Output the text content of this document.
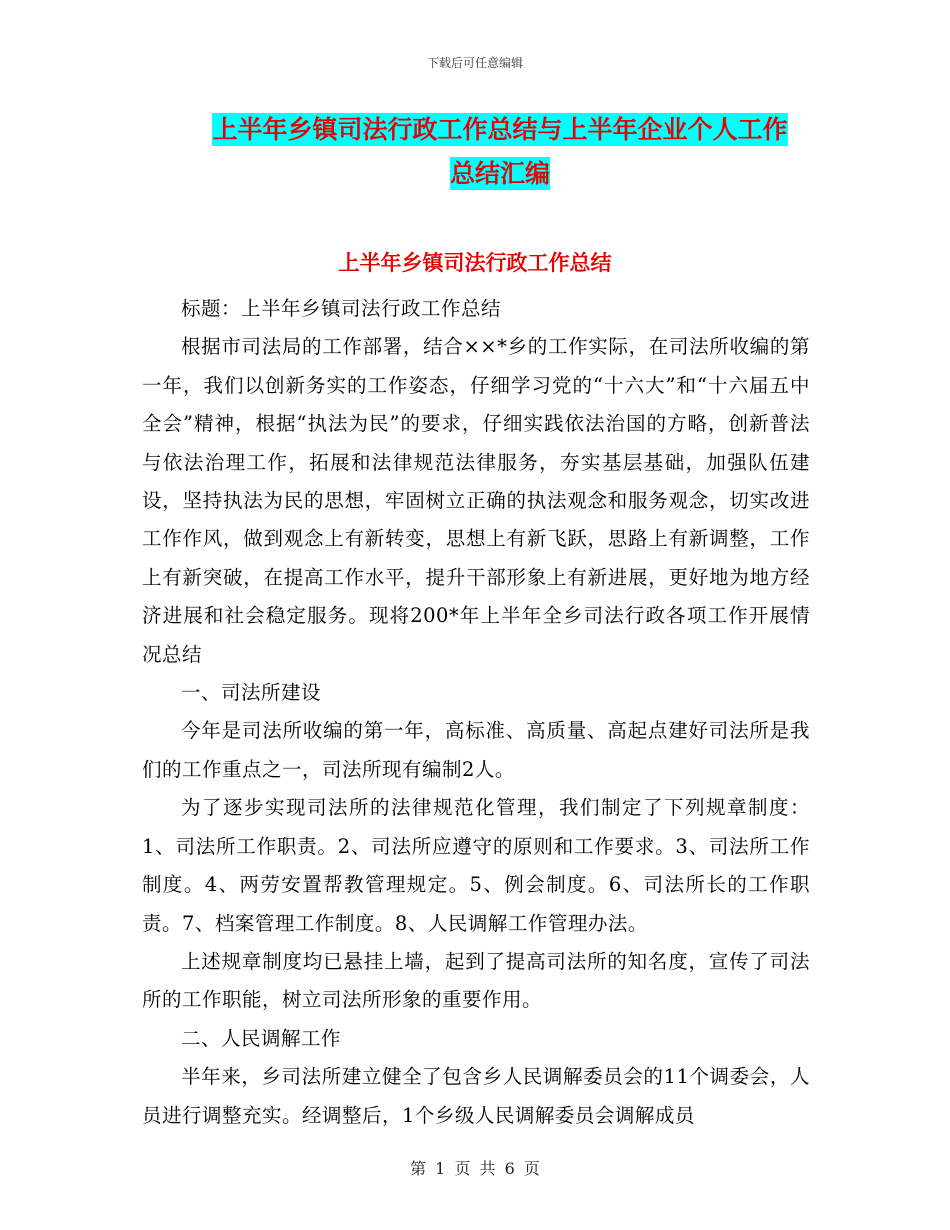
下载后可任意编辑
上半年乡镇司法行政工作总结与上半年企业个人工作
总结汇编
上半年乡镇司法行政工作总结

标题：上半年乡镇司法行政工作总结

根据市司法局的工作部署，结合××*乡的工作实际，在司法所收编的第一年，我们以创新务实的工作姿态，仔细学习党的“十六大”和“十六届五中全会”精神，根据“执法为民”的要求，仔细实践依法治国的方略，创新普法与依法治理工作，拓展和法律规范法律服务，夯实基层基础，加强队伍建设，坚持执法为民的思想，牢固树立正确的执法观念和服务观念，切实改进工作作风，做到观念上有新转变，思想上有新飞跃，思路上有新调整，工作上有新突破，在提高工作水平，提升干部形象上有新进展，更好地为地方经济进展和社会稳定服务。现将200*年上半年全乡司法行政各项工作开展情况总结

一、司法所建设

今年是司法所收编的第一年，高标准、高质量、高起点建好司法所是我们的工作重点之一，司法所现有编制2人。

为了逐步实现司法所的法律规范化管理，我们制定了下列规章制度：1、司法所工作职责。2、司法所应遵守的原则和工作要求。3、司法所工作制度。4、两劳安置帮教管理规定。5、例会制度。6、司法所长的工作职责。7、档案管理工作制度。8、人民调解工作管理办法。

上述规章制度均已悬挂上墙，起到了提高司法所的知名度，宣传了司法所的工作职能，树立司法所形象的重要作用。

二、人民调解工作

半年来，乡司法所建立健全了包含乡人民调解委员会的11个调委会，人员进行调整充实。经调整后，1个乡级人民调解委员会调解成员

第 1 页 共 6 页
